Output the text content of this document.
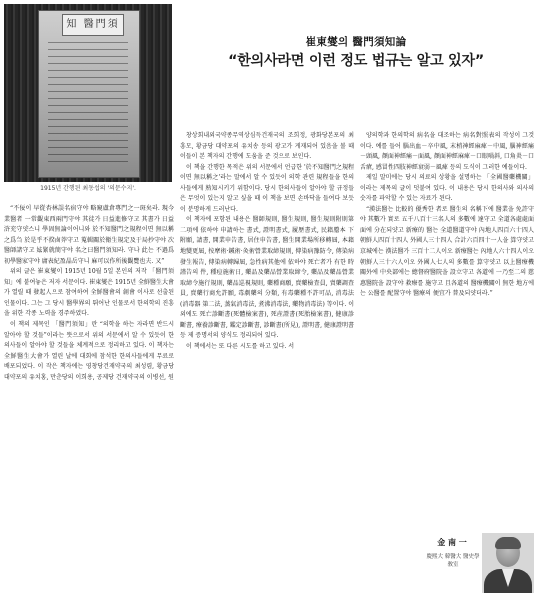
知 醫門須
1915년 간행된 최동섭의 '의문수지'.
崔東燮의 醫門須知論
“한의사라면 이런 정도 법규는 알고 있자”

“不佞이 早從杏林誤名宿守야 略窺盧倉專門之一斑矣라. 現今業醫者 一常觀東西兩門守야 其徒가 日益進修守고 其書가 日益浒充守얏스니 學固無論이어니와 於不知醫門之規程이면 無以稱之爲刍 於是乎不揆鹵莽守고 蒐輯關於衛生規定及于局抄守야 次醫師諸守고 妶緊就簡守야 名之曰醫門須知라. 守나 此는 不過爲初學醫家守야 庸表紀盈晶岳守니 麻可以作所後觀覽也夫. 又”

위의 글은 崔東燮이 1915년 10월 5일 본인의 저작 「醫門須知」에 붙여놓은 저자 서문이다. 崔東燮은 1915년 全鮮醫生大會가 열릴 때 發起人으로 참여하여 全鮮醫會의 創會 이사로 선출된 인물이다. 그는 그 당시 醫學界의 뛰어난 인물로서 한의학의 진흥을 위한 각종 노력을 경주하였다.

이 책의 제목인 「醫門須知」란 “의학을 하는 자라면 반드시 알아야 할 것들”이라는 뜻으로서 위의 서문에서 알 수 있듯이 한의사들이 알아야 할 것들을 체계적으로 정리하고 있다. 이 책자는 全鮮醫生大會가 열린 날에 대회에 참석한 한의사들에게 무료로 배포되었다. 이 작은 책자에는 영창당건재약국의 최성렴, 황금당대약포의 유치홍, 만춘당의 이희용, 공제당 건재약국의 이병선, 원

창상회내외국약종무역상심득건재국의 조희정, 광화당본포의 최흥모, 황금당 대약포의 유치송 등의 광고가 게재되어 있음을 볼 때 이들이 본 책자의 간행에 도움을 준 것으로 보인다.

이 책을 간행한 목적은 위의 서문에서 언급한 '於不知醫門之規程이면 無以稱之'라는 말에서 알 수 있듯이 의학 관련 規程들을 한의사들에게 熟知시키기 위함이다. 당시 한의사들이 알아야 할 규정들은 무엇이 있는지 알고 싶을 때 이 책을 보면 손바닥을 들여다 보듯이 분명하게 드러난다.

이 책자에 포함된 내용은 醫師規則, 醫生規則, 醫生規則附則第二項에 依하야 申請하는 書式, 證明書式, 履歷書式, 民籍謄本 下附願, 請書, 開業申告書, 居住申告書, 醫生開業場所移轉屆, 本籍地變更屆, 按摩術·鍼術·灸術營業取締規則, 傳染病豫防令, 傳染病發生報告, 傳染病轉歸屆, 急性病其他에 依하야 死亡者가 有한 時謹告의 件, 種痘施術日, 藥品及藥品營業取締令, 藥品及藥品營業取締令施行規則, 藥品巡視規則, 藥種商願, 賣藥檢査員, 賣藥調査員, 賣藥行商允許願, 毒劇藥의 分類, 有毒藥種不許可品, 消毒法(消毒器 第二法, 蒸氣消毒法, 煮沸消毒法, 藥物消毒法) 等이다. 이 외에도 死亡診斷書(死體檢案書), 死産證書(死胎檢案書), 健康診斷書, 療養診斷書, 鑑定診斷書, 診斷書(所見), 證明書, 健康證明書 등 제 증명서의 양식도 정리되어 있다.

이 책에서는 또 다른 시도를 하고 있다. 서

양의학과 한의학의 病名을 대조하는 病名對照表의 작성이 그것이다. 예를 들어 腦出血－卒中風, 末梢神經麻痺－中風, 腦神經痛－頭風, 顏面神經痛－面風, 顏面神經麻痺－口眼喎斜, 口角炎－口舌瘡, 感冒性四肢神經衰弱－風痺 등의 도식이 그러한 예들이다.

제일 말미에는 당시 의료의 상황을 설명하는 「全國醫藥機關」이라는 제목의 글이 덧붙여 있다. 이 내용은 당시 한의사와 의사의 숫자를 파악할 수 있는 자료가 된다.

“漢法醫는 比較的 優秀한 者로 醫生의 名稱下에 醫業을 免許守야 其數가 實로 五千八百十三名人의 多數에 達守고 全道各處處面面에 分在되얏고 新療的 醫는 全道醫道守야 內地人四百六十四人 朝鮮人四百十四人 外國人三十四人 合計六百四十一人을 算守얏고 京城에는 漢法醫가 三百十二人이오 新療醫는 內地人六十四人이오 朝鮮人三十六人이오 外國人七人의 多數를 算守얏고 以上醫療機關外에 中央部에는 總督府醫院을 設立守고 各道에 一乃至二의 慈惠醫院을 設守야 救療를 施守고 且各道의 醫療機關이 無한 地方에는 公醫를 配置守야 醫療의 便宜가 普及되얏더라.”

金 南 一
慶熙大 韓醫大 醫史學敎室
